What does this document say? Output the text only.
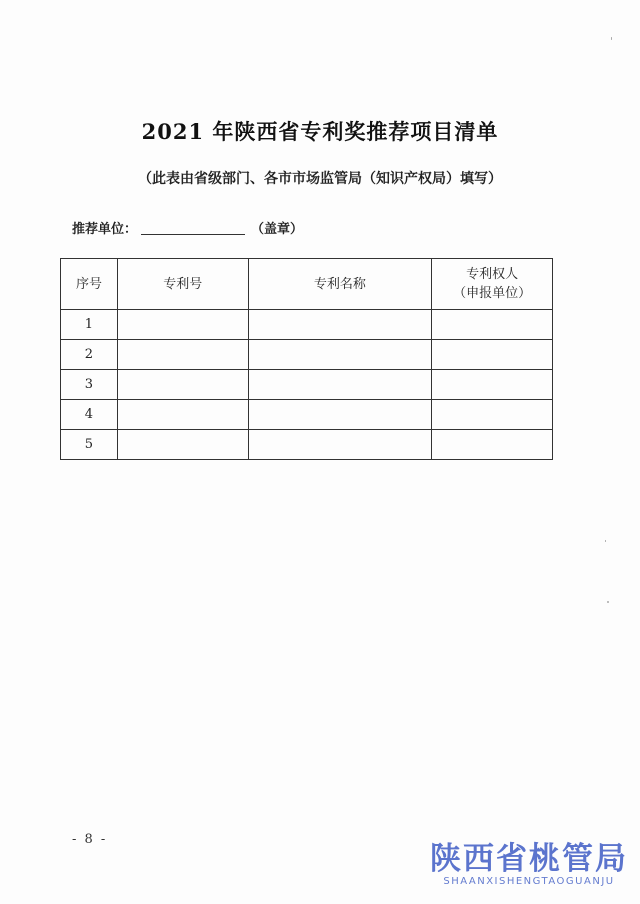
2021 年陕西省专利奖推荐项目清单
（此表由省级部门、各市市场监管局（知识产权局）填写）
推荐单位：	（盖章）
序号	专利号	专利名称	专利权人
（申报单位）
1			
2			
3			
4			
5			
- 8 -
陕西省桃管局
SHAANXISHENGTAOGUANJU
